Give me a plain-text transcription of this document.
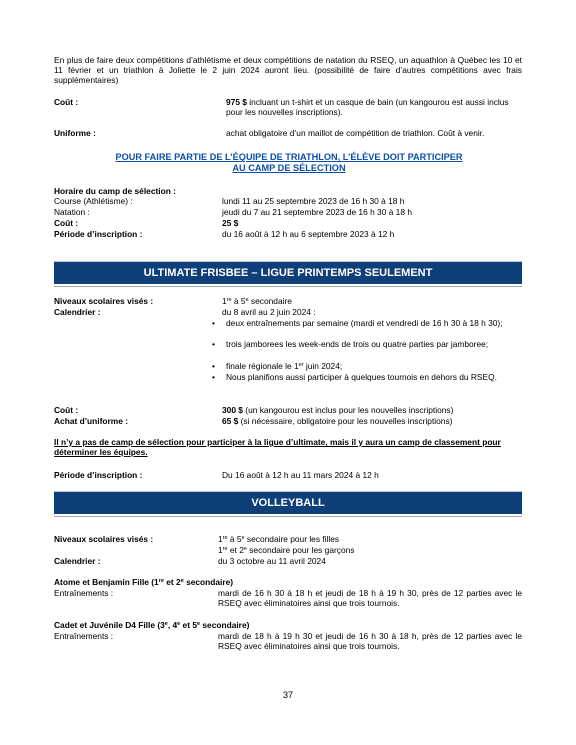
En plus de faire deux compétitions d’athlétisme et deux compétitions de natation du RSEQ, un aquathlon à Québec les 10 et 11 février et un triathlon à Joliette le 2 juin 2024 auront lieu. (possibilité de faire d’autres compétitions avec frais supplémentaires)
Coût :	975 $ incluant un t-shirt et un casque de bain (un kangourou est aussi inclus pour les nouvelles inscriptions).
Uniforme :	achat obligatoire d’un maillot de compétition de triathlon. Coût à venir.
POUR FAIRE PARTIE DE L’ÉQUIPE DE TRIATHLON, L’ÉLÈVE DOIT PARTICIPER
AU CAMP DE SÉLECTION
Horaire du camp de sélection :
Course (Athlétisme) :	lundi 11 au 25 septembre 2023 de 16 h 30 à 18 h
Natation :	jeudi du 7 au 21 septembre 2023 de 16 h 30 à 18 h
Coût :	25 $
Période d’inscription :	du 16 août à 12 h au 6 septembre 2023 à 12 h
ULTIMATE FRISBEE – LIGUE PRINTEMPS SEULEMENT
Niveaux scolaires visés :	1re à 5e secondaire
Calendrier :	du 8 avril au 2 juin 2024 :
• deux entraînements par semaine (mardi et vendredi de 16 h 30 à 18 h 30);
• trois jamborees les week-ends de trois ou quatre parties par jamboree;
• finale régionale le 1er juin 2024;
• Nous planifions aussi participer à quelques tournois en dehors du RSEQ.
Coût :	300 $ (un kangourou est inclus pour les nouvelles inscriptions)
Achat d’uniforme :	65 $ (si nécessaire, obligatoire pour les nouvelles inscriptions)
Il n’y a pas de camp de sélection pour participer à la ligue d’ultimate, mais il y aura un camp de classement pour déterminer les équipes.
Période d’inscription :	Du 16 août à 12 h au 11 mars 2024 à 12 h
VOLLEYBALL
Niveaux scolaires visés :	1re à 5e secondaire pour les filles
1re et 2e secondaire pour les garçons
Calendrier :	du 3 octobre au 11 avril 2024
Atome et Benjamin Fille (1re et 2e secondaire)
Entraînements :	mardi de 16 h 30 à 18 h et jeudi de 18 h à 19 h 30, près de 12 parties avec le RSEQ avec éliminatoires ainsi que trois tournois.
Cadet et Juvénile D4 Fille (3e, 4e et 5e secondaire)
Entraînements :	mardi de 18 h à 19 h 30 et jeudi de 16 h 30 à 18 h, près de 12 parties avec le RSEQ avec éliminatoires ainsi que trois tournois.
37
